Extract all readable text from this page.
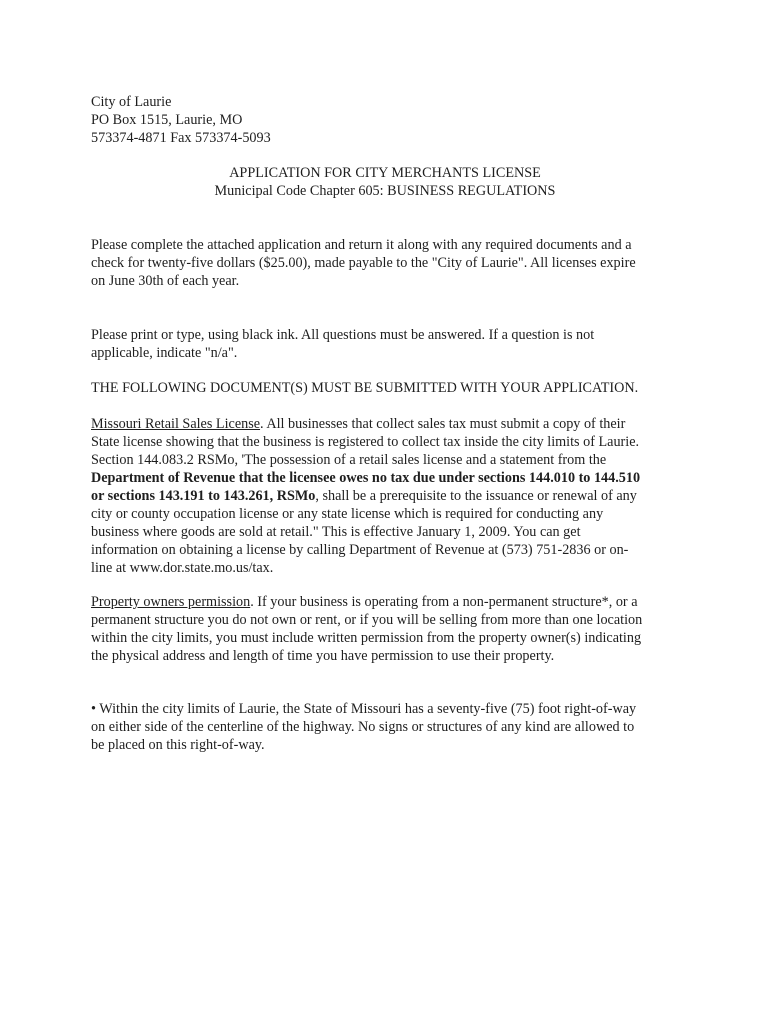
City of Laurie
PO Box 1515, Laurie, MO
573374-4871 Fax 573374-5093
APPLICATION FOR CITY MERCHANTS LICENSE
Municipal Code Chapter 605: BUSINESS REGULATIONS
Please complete the attached application and return it along with any required documents and a
check for twenty-five dollars ($25.00), made payable to the "City of Laurie". All licenses expire
on June 30th of each year.
Please print or type, using black ink. All questions must be answered. If a question is not
applicable, indicate "n/a".
THE FOLLOWING DOCUMENT(S) MUST BE SUBMITTED WITH YOUR APPLICATION.
Missouri Retail Sales License. All businesses that collect sales tax must submit a copy of their
State license showing that the business is registered to collect tax inside the city limits of Laurie.
Section 144.083.2 RSMo, 'The possession of a retail sales license and a statement from the
Department of Revenue that the licensee owes no tax due under sections 144.010 to 144.510
or sections 143.191 to 143.261, RSMo, shall be a prerequisite to the issuance or renewal of any
city or county occupation license or any state license which is required for conducting any
business where goods are sold at retail." This is effective January 1, 2009. You can get
information on obtaining a license by calling Department of Revenue at (573) 751-2836 or on-
line at www.dor.state.mo.us/tax.
Property owners permission. If your business is operating from a non-permanent structure*, or a
permanent structure you do not own or rent, or if you will be selling from more than one location
within the city limits, you must include written permission from the property owner(s) indicating
the physical address and length of time you have permission to use their property.
• Within the city limits of Laurie, the State of Missouri has a seventy-five (75) foot right-of-way
on either side of the centerline of the highway. No signs or structures of any kind are allowed to
be placed on this right-of-way.
